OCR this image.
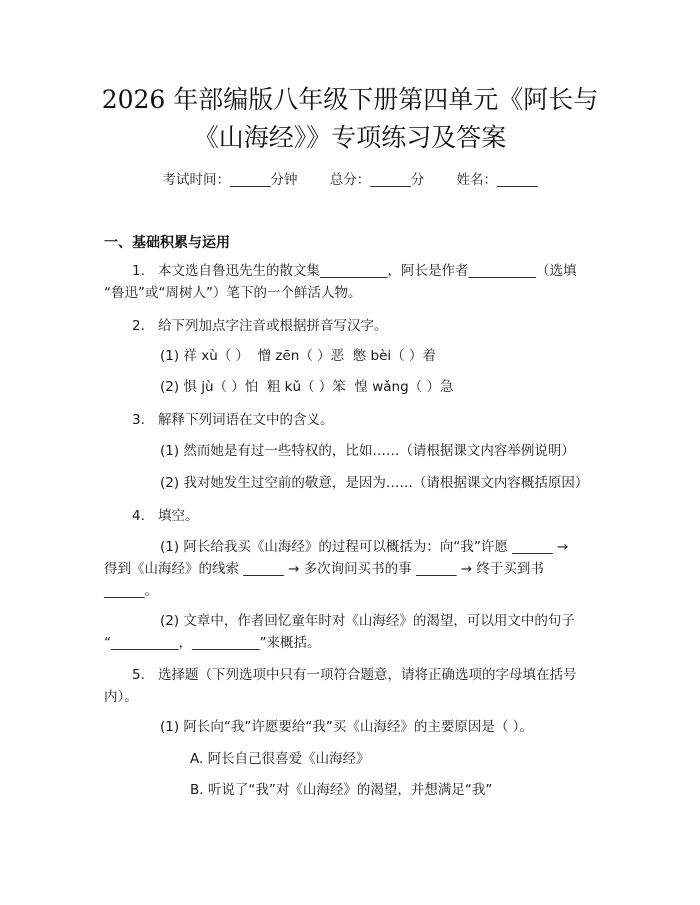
2026 年部编版八年级下册第四单元《阿长与
《山海经》》专项练习及答案
考试时间：______分钟 总分：______分 姓名：______
一、基础积累与运用
1. 本文选自鲁迅先生的散文集__________，阿长是作者__________（选填
“鲁迅”或“周树人”）笔下的一个鲜活人物。
2. 给下列加点字注音或根据拼音写汉字。
(1) 祥 xù（ ）  憎 zēn（ ）恶  憋 bèi（ ）着
(2) 惧 jù（ ）怕  粗 kǔ（ ）笨  惶 wǎng（ ）急
3. 解释下列词语在文中的含义。
(1) 然而她是有过一些特权的，比如……（请根据课文内容举例说明）
(2) 我对她发生过空前的敬意，是因为……（请根据课文内容概括原因）
4. 填空。
(1) 阿长给我买《山海经》的过程可以概括为：向“我”许愿 ______ →
得到《山海经》的线索 ______ → 多次询问买书的事 ______ → 终于买到书
______。
(2) 文章中，作者回忆童年时对《山海经》的渴望，可以用文中的句子
“__________，__________”来概括。
5. 选择题（下列选项中只有一项符合题意，请将正确选项的字母填在括号
内）。
(1) 阿长向“我”许愿要给“我”买《山海经》的主要原因是（ ）。
A. 阿长自己很喜爱《山海经》
B. 听说了“我”对《山海经》的渴望，并想满足“我”
